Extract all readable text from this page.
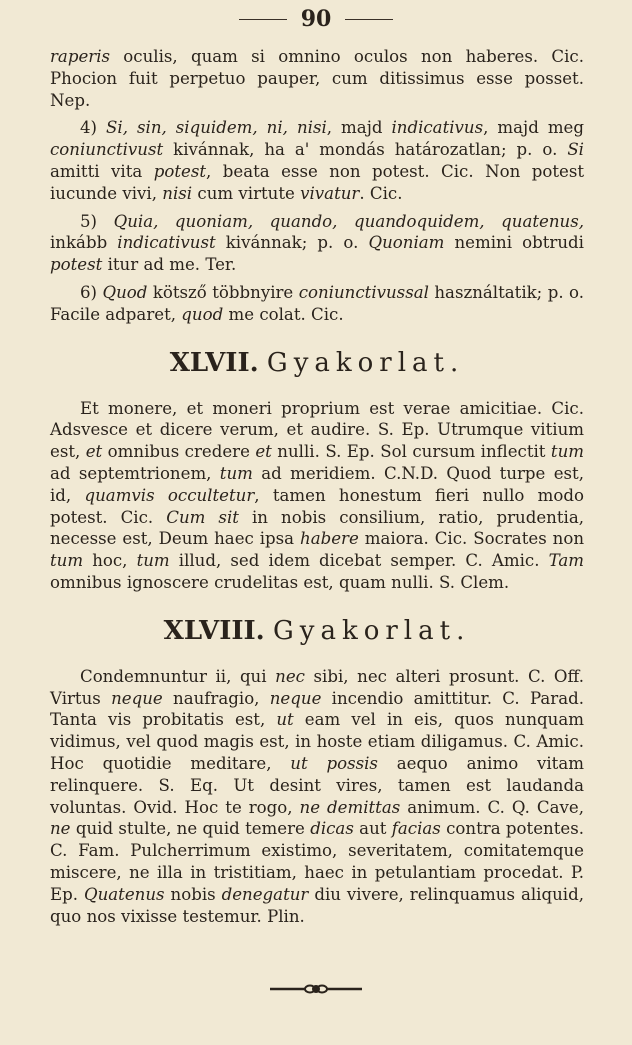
90

raperis oculis, quam si omnino oculos non haberes. Cic. Phocion fuit perpetuo pauper, cum ditissimus esse posset. Nep.

4) Si, sin, siquidem, ni, nisi, majd indicativus, majd meg coniunctivust kivánnak, ha a' mondás határozatlan; p. o. Si amitti vita potest, beata esse non potest. Cic. Non potest iucunde vivi, nisi cum virtute vivatur. Cic.

5) Quia, quoniam, quando, quandoquidem, quatenus, inkább indicativust kivánnak; p. o. Quoniam nemini obtrudi potest itur ad me. Ter.

6) Quod kötsző többnyire coniunctivussal használtatik; p. o. Facile adparet, quod me colat. Cic.

XLVII. Gyakorlat.

Et monere, et moneri proprium est verae amicitiae. Cic. Adsvesce et dicere verum, et audire. S. Ep. Utrumque vitium est, et omnibus credere et nulli. S. Ep. Sol cursum inflectit tum ad septemtrionem, tum ad meridiem. C.N.D. Quod turpe est, id, quamvis occultetur, tamen honestum fieri nullo modo potest. Cic. Cum sit in nobis consilium, ratio, prudentia, necesse est, Deum haec ipsa habere maiora. Cic. Socrates non tum hoc, tum illud, sed idem dicebat semper. C. Amic. Tam omnibus ignoscere crudelitas est, quam nulli. S. Clem.

XLVIII. Gyakorlat.

Condemnuntur ii, qui nec sibi, nec alteri prosunt. C. Off. Virtus neque naufragio, neque incendio amittitur. C. Parad. Tanta vis probitatis est, ut eam vel in eis, quos nunquam vidimus, vel quod magis est, in hoste etiam diligamus. C. Amic. Hoc quotidie meditare, ut possis aequo animo vitam relinquere. S. Eq. Ut desint vires, tamen est laudanda voluntas. Ovid. Hoc te rogo, ne demittas animum. C. Q. Cave, ne quid stulte, ne quid temere dicas aut facias contra potentes. C. Fam. Pulcherrimum existimo, severitatem, comitatemque miscere, ne illa in tristitiam, haec in petulantiam procedat. P. Ep. Quatenus nobis denegatur diu vivere, relinquamus aliquid, quo nos vixisse testemur. Plin.
